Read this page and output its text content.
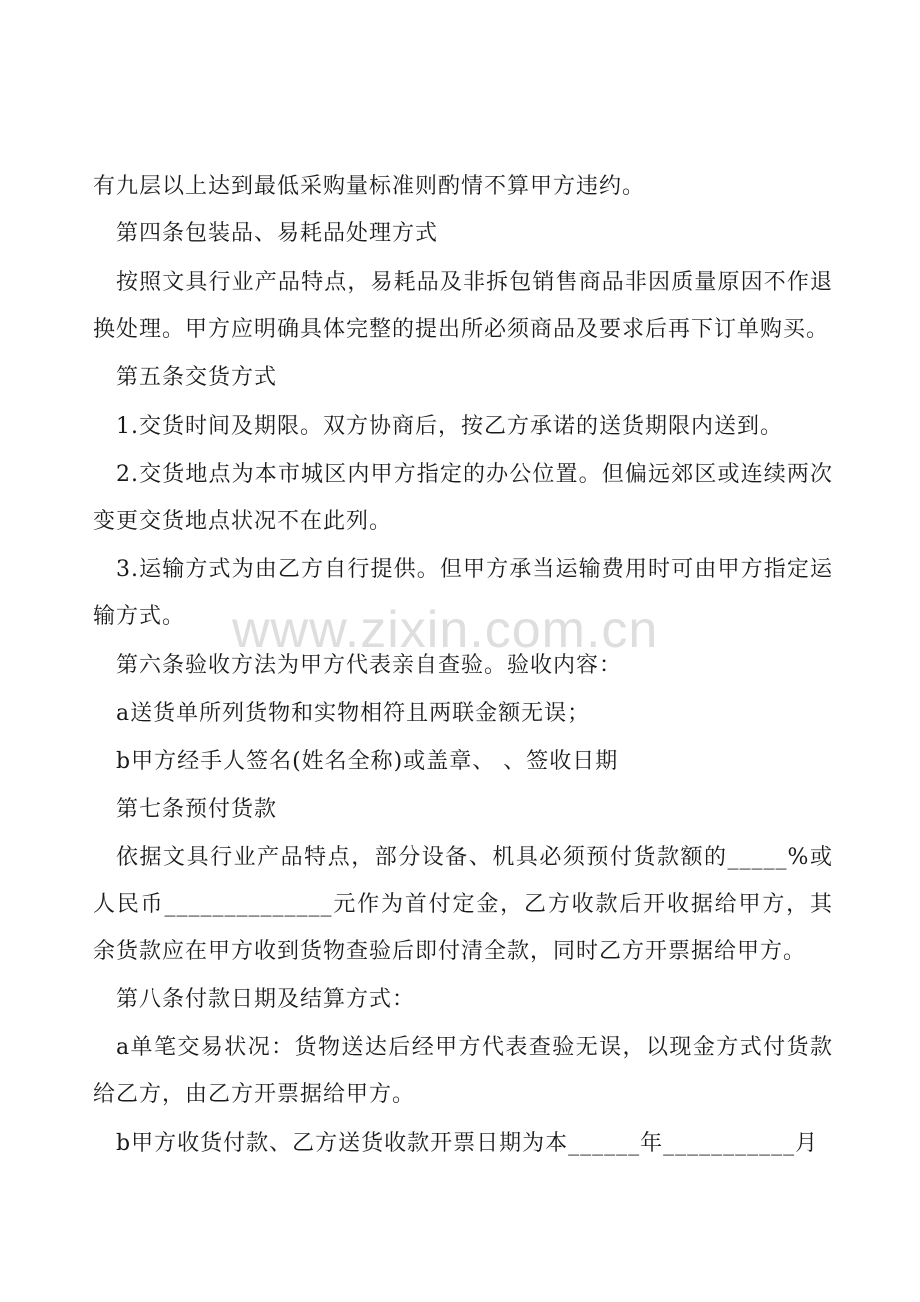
有九层以上达到最低采购量标准则酌情不算甲方违约。

第四条包装品、易耗品处理方式

按照文具行业产品特点，易耗品及非拆包销售商品非因质量原因不作退换处理。甲方应明确具体完整的提出所必须商品及要求后再下订单购买。

第五条交货方式

1.交货时间及期限。双方协商后，按乙方承诺的送货期限内送到。

2.交货地点为本市城区内甲方指定的办公位置。但偏远郊区或连续两次变更交货地点状况不在此列。

3.运输方式为由乙方自行提供。但甲方承当运输费用时可由甲方指定运输方式。

第六条验收方法为甲方代表亲自查验。验收内容：

a送货单所列货物和实物相符且两联金额无误；

b甲方经手人签名(姓名全称)或盖章、 、签收日期

第七条预付货款

依据文具行业产品特点，部分设备、机具必须预付货款额的_____%或人民币______________元作为首付定金，乙方收款后开收据给甲方，其余货款应在甲方收到货物查验后即付清全款，同时乙方开票据给甲方。

第八条付款日期及结算方式：

a单笔交易状况：货物送达后经甲方代表查验无误，以现金方式付货款给乙方，由乙方开票据给甲方。

b甲方收货付款、乙方送货收款开票日期为本______年___________月

www.zixin.com.cn
